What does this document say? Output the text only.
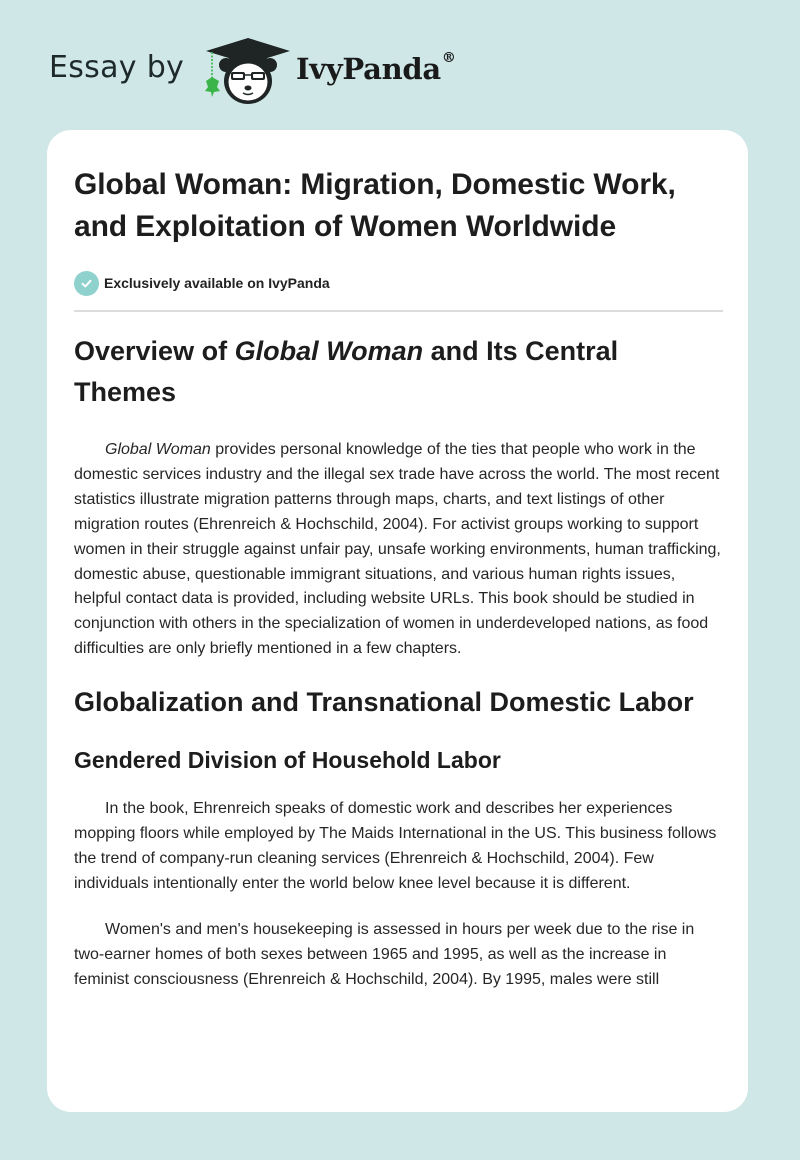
Essay by	IvyPanda®
Global Woman: Migration, Domestic Work, and Exploitation of Women Worldwide
Exclusively available on IvyPanda
Overview of Global Woman and Its Central Themes

Global Woman provides personal knowledge of the ties that people who work in the domestic services industry and the illegal sex trade have across the world. The most recent statistics illustrate migration patterns through maps, charts, and text listings of other migration routes (Ehrenreich & Hochschild, 2004). For activist groups working to support women in their struggle against unfair pay, unsafe working environments, human trafficking, domestic abuse, questionable immigrant situations, and various human rights issues, helpful contact data is provided, including website URLs. This book should be studied in conjunction with others in the specialization of women in underdeveloped nations, as food difficulties are only briefly mentioned in a few chapters.

Globalization and Transnational Domestic Labor
Gendered Division of Household Labor

In the book, Ehrenreich speaks of domestic work and describes her experiences mopping floors while employed by The Maids International in the US. This business follows the trend of company-run cleaning services (Ehrenreich & Hochschild, 2004). Few individuals intentionally enter the world below knee level because it is different.

Women's and men's housekeeping is assessed in hours per week due to the rise in two-earner homes of both sexes between 1965 and 1995, as well as the increase in feminist consciousness (Ehrenreich & Hochschild, 2004). By 1995, males were still
